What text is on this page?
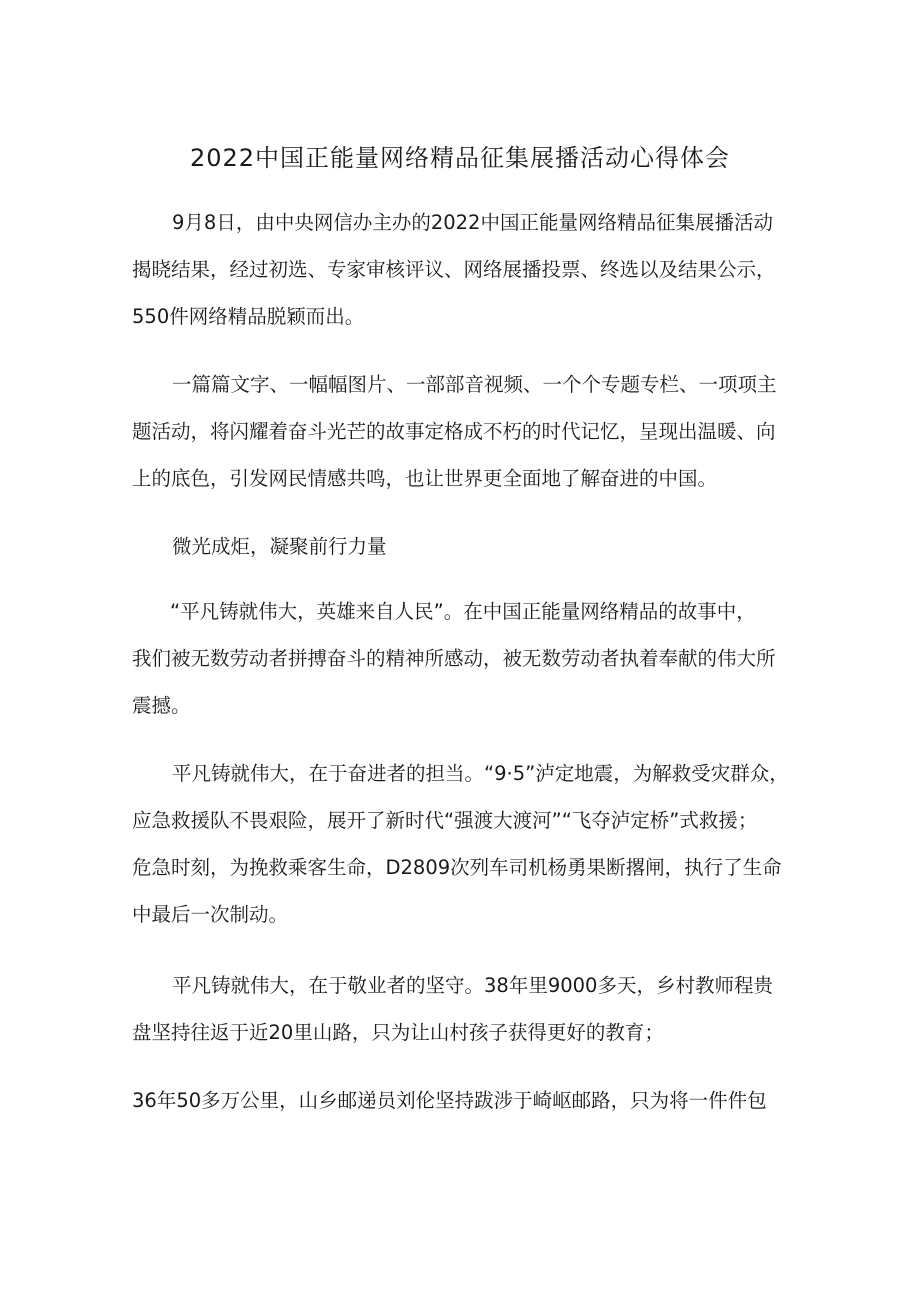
2022中国正能量网络精品征集展播活动心得体会
9月8日，由中央网信办主办的2022中国正能量网络精品征集展播活动
揭晓结果，经过初选、专家审核评议、网络展播投票、终选以及结果公示，
550件网络精品脱颖而出。
一篇篇文字、一幅幅图片、一部部音视频、一个个专题专栏、一项项主
题活动，将闪耀着奋斗光芒的故事定格成不朽的时代记忆，呈现出温暖、向
上的底色，引发网民情感共鸣，也让世界更全面地了解奋进的中国。
微光成炬，凝聚前行力量
“平凡铸就伟大，英雄来自人民”。在中国正能量网络精品的故事中，
我们被无数劳动者拼搏奋斗的精神所感动，被无数劳动者执着奉献的伟大所
震撼。
平凡铸就伟大，在于奋进者的担当。“9·5”泸定地震，为解救受灾群众，
应急救援队不畏艰险，展开了新时代“强渡大渡河”“飞夺泸定桥”式救援；
危急时刻，为挽救乘客生命，D2809次列车司机杨勇果断撂闸，执行了生命
中最后一次制动。
平凡铸就伟大，在于敬业者的坚守。38年里9000多天，乡村教师程贵
盘坚持往返于近20里山路，只为让山村孩子获得更好的教育；
36年50多万公里，山乡邮递员刘伦坚持跋涉于崎岖邮路，只为将一件件包
